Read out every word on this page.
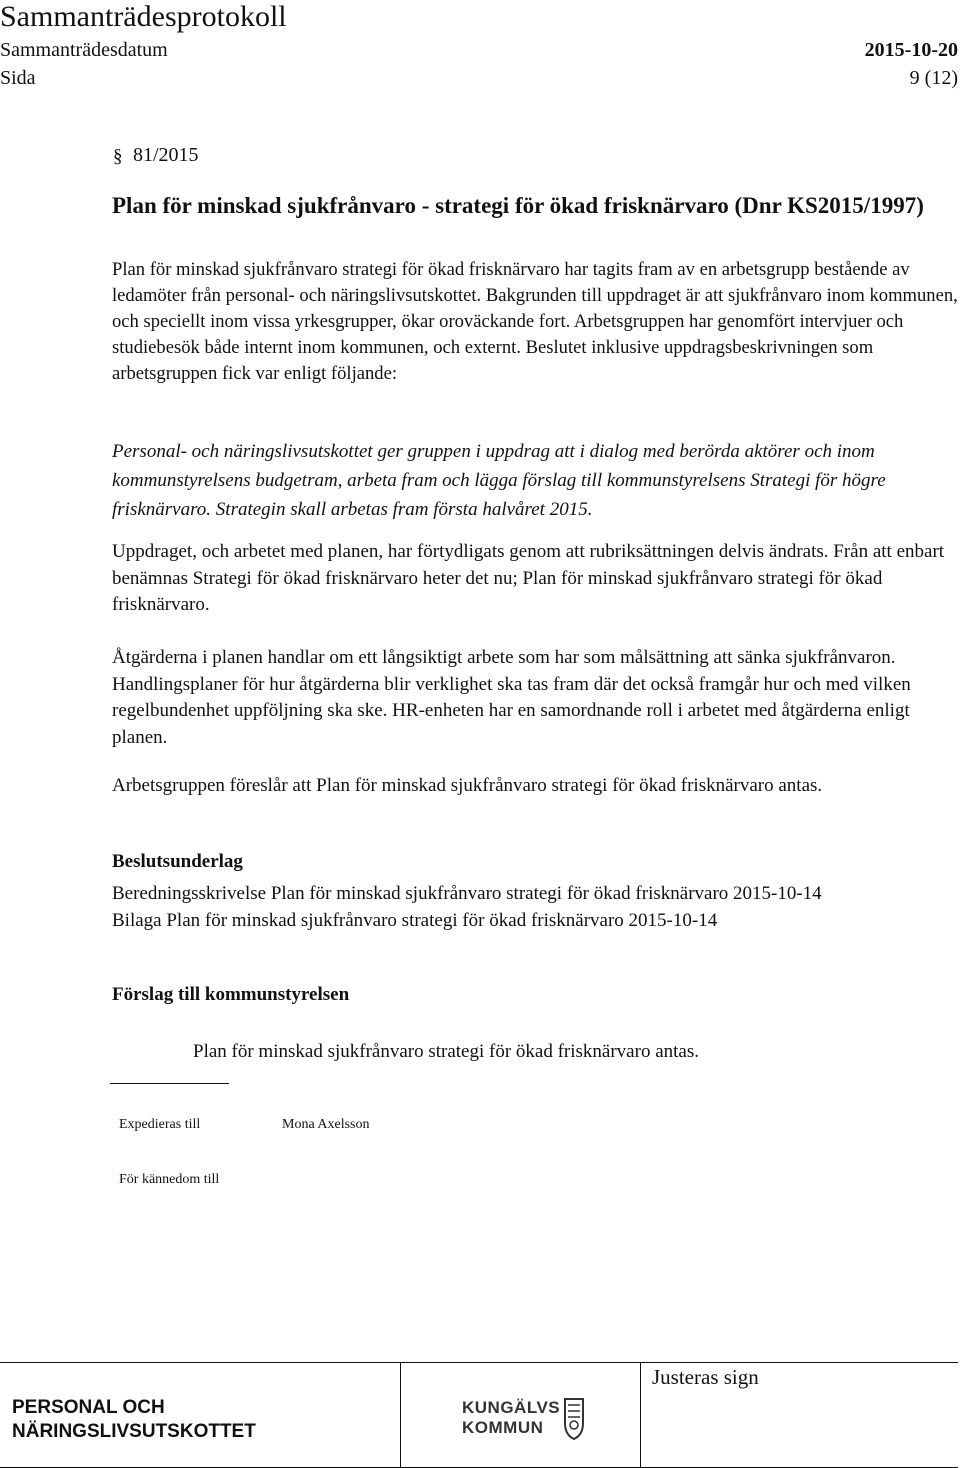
Sammanträdesprotokoll
Sammanträdesdatum	2015-10-20
Sida	9 (12)
§ 81/2015
Plan för minskad sjukfrånvaro - strategi för ökad frisknärvaro (Dnr KS2015/1997)

Plan för minskad sjukfrånvaro strategi för ökad frisknärvaro har tagits fram av en arbetsgrupp bestående av ledamöter från personal- och näringslivsutskottet. Bakgrunden till uppdraget är att sjukfrånvaro inom kommunen, och speciellt inom vissa yrkesgrupper, ökar oroväckande fort. Arbetsgruppen har genomfört intervjuer och studiebesök både internt inom kommunen, och externt. Beslutet inklusive uppdragsbeskrivningen som arbetsgruppen fick var enligt följande:

Personal- och näringslivsutskottet ger gruppen i uppdrag att i dialog med berörda aktörer och inom kommunstyrelsens budgetram, arbeta fram och lägga förslag till kommunstyrelsens Strategi för högre frisknärvaro. Strategin skall arbetas fram första halvåret 2015.

Uppdraget, och arbetet med planen, har förtydligats genom att rubriksättningen delvis ändrats. Från att enbart benämnas Strategi för ökad frisknärvaro heter det nu; Plan för minskad sjukfrånvaro strategi för ökad frisknärvaro.

Åtgärderna i planen handlar om ett långsiktigt arbete som har som målsättning att sänka sjukfrånvaron. Handlingsplaner för hur åtgärderna blir verklighet ska tas fram där det också framgår hur och med vilken regelbundenhet uppföljning ska ske. HR-enheten har en samordnande roll i arbetet med åtgärderna enligt planen.

Arbetsgruppen föreslår att Plan för minskad sjukfrånvaro strategi för ökad frisknärvaro antas.

Beslutsunderlag
Beredningsskrivelse Plan för minskad sjukfrånvaro strategi för ökad frisknärvaro 2015-10-14
Bilaga Plan för minskad sjukfrånvaro strategi för ökad frisknärvaro 2015-10-14
Förslag till kommunstyrelsen

Plan för minskad sjukfrånvaro strategi för ökad frisknärvaro antas.

Expedieras till	Mona Axelsson
För kännedom till
PERSONAL OCH
NÄRINGSLIVSUTSKOTTET
KUNGÄLVS
KOMMUN
Justeras sign
